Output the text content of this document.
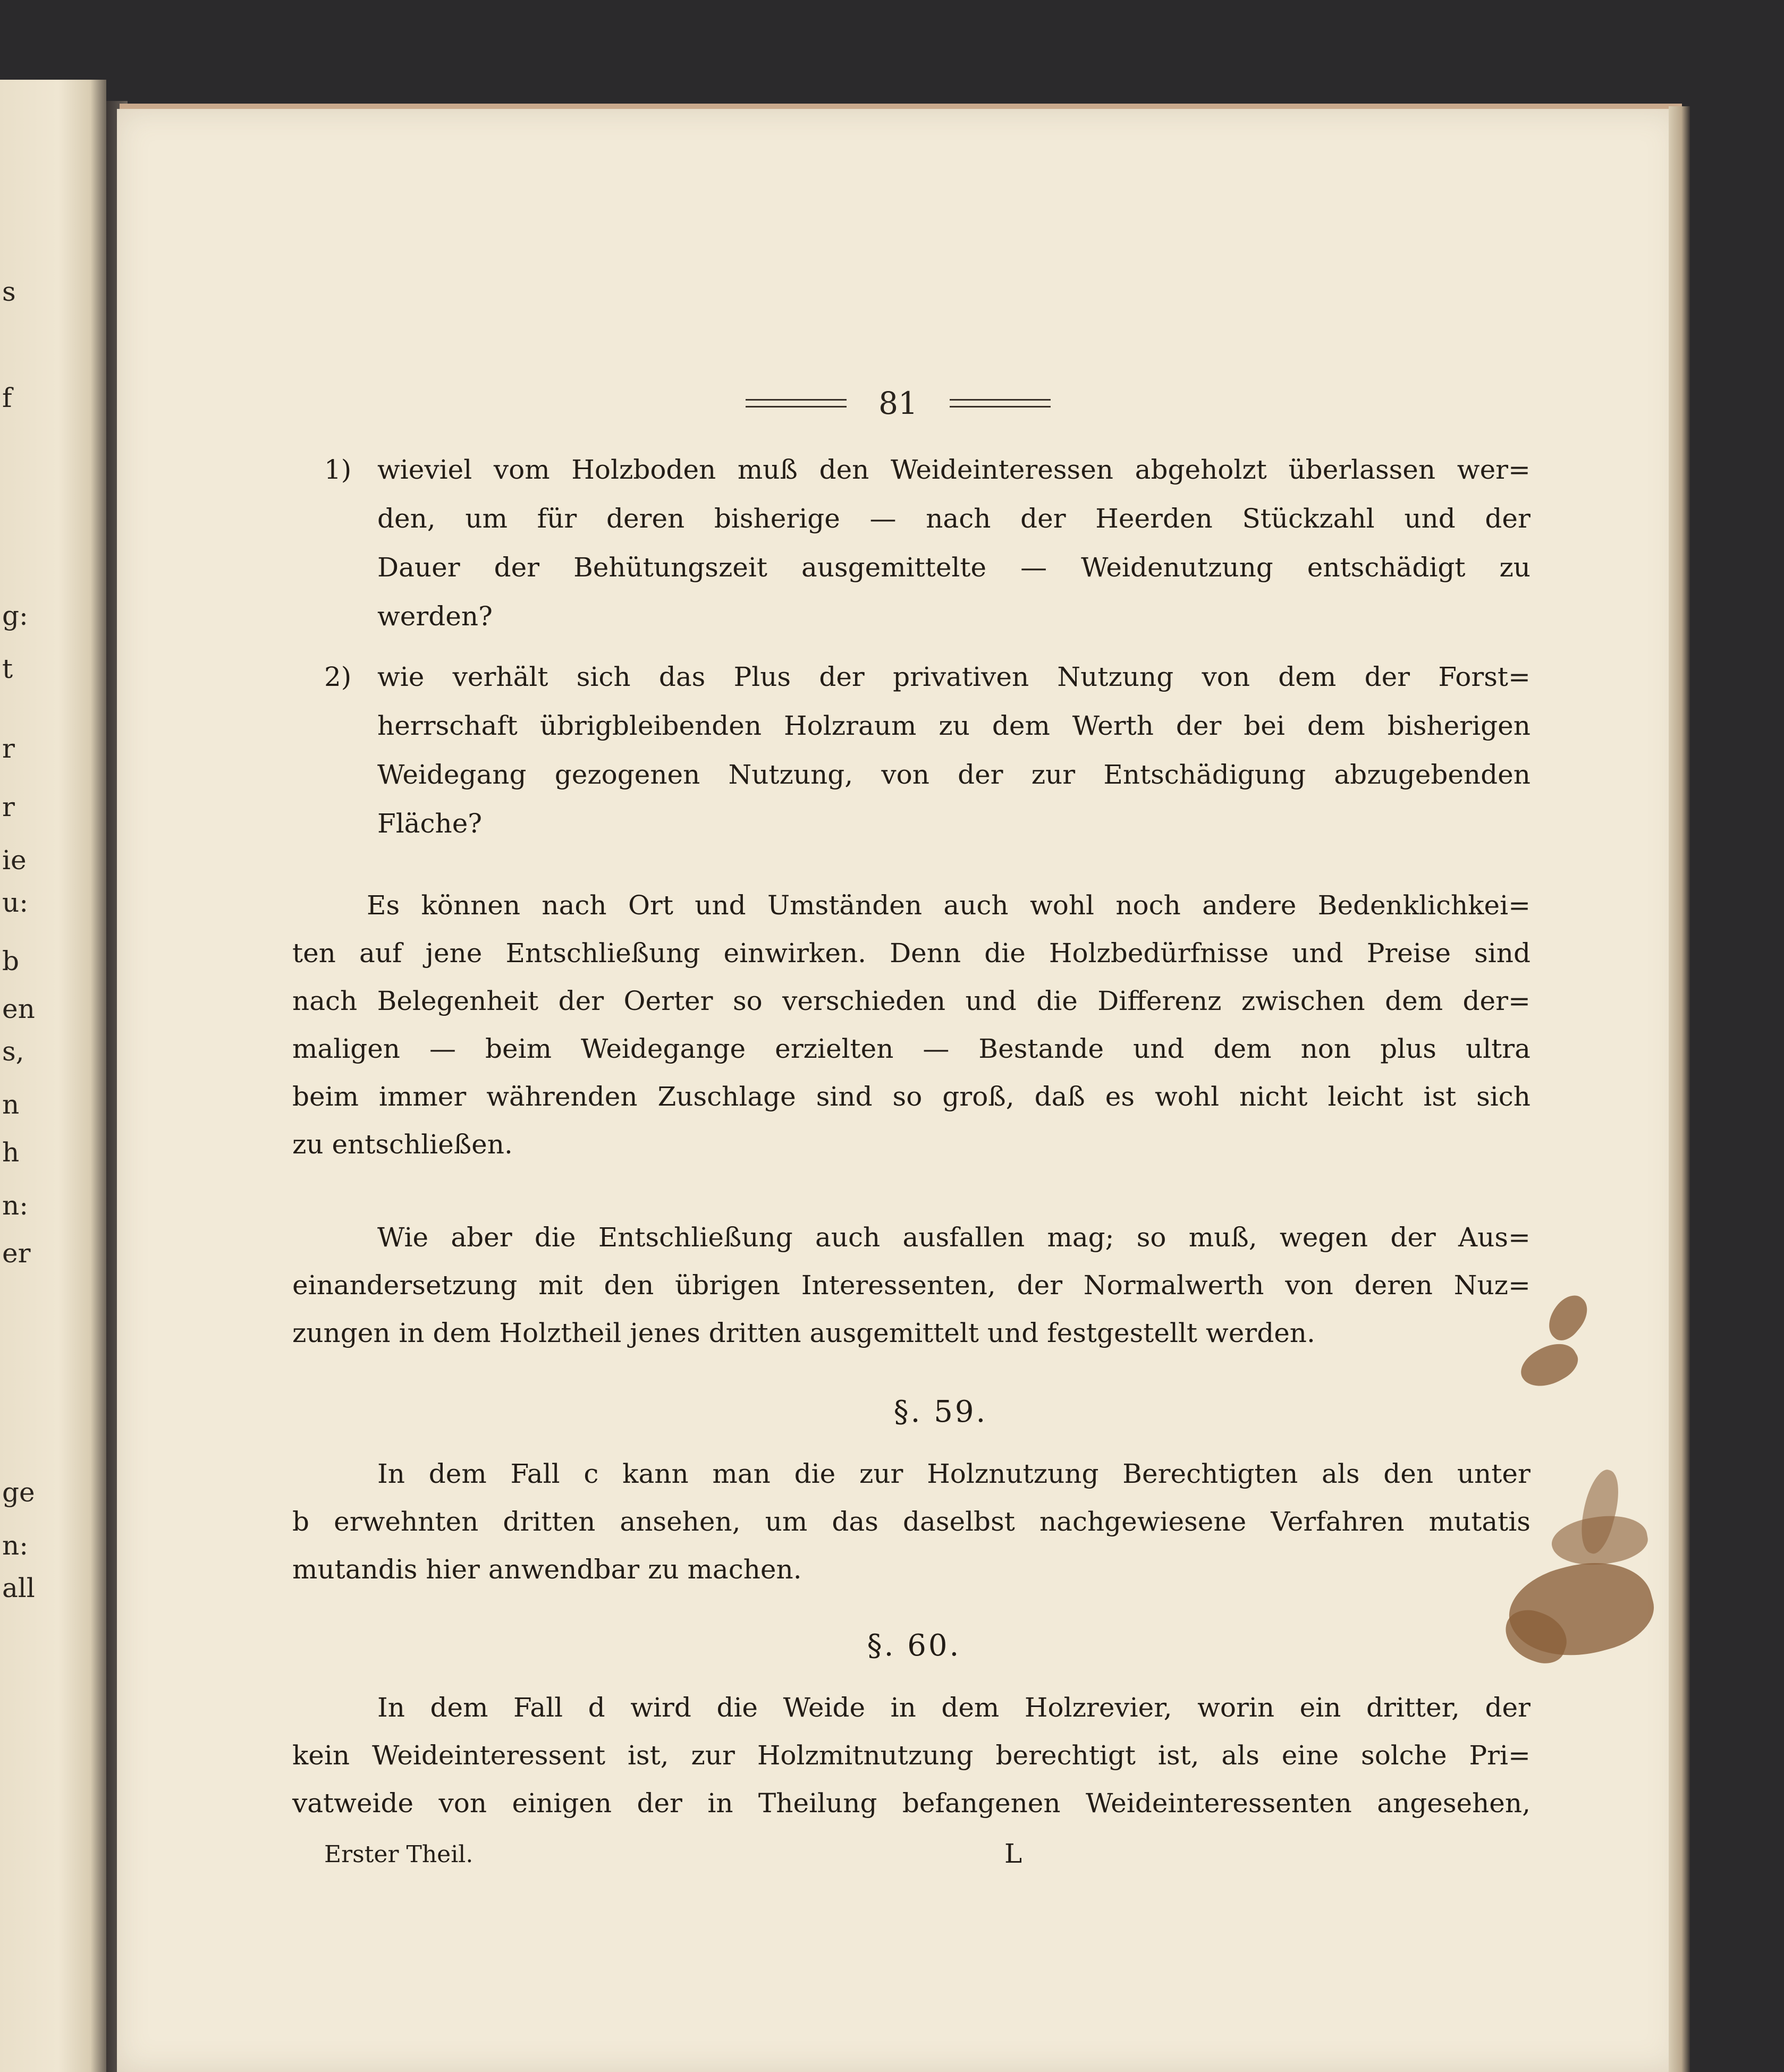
s
f
g:
t
r
r
ie
u:
b
en
s,
n
h
n:
er
ge
n:
all
81
1) wieviel vom Holzboden muß den Weideinteressen abgeholzt überlassen wer=
den, um für deren bisherige — nach der Heerden Stückzahl und der
Dauer der Behütungszeit ausgemittelte — Weidenutzung entschädigt zu
werden?
2) wie verhält sich das Plus der privativen Nutzung von dem der Forst=
herrschaft übrigbleibenden Holzraum zu dem Werth der bei dem bisherigen
Weidegang gezogenen Nutzung, von der zur Entschädigung abzugebenden
Fläche?
Es können nach Ort und Umständen auch wohl noch andere Bedenklichkei=
ten auf jene Entschließung einwirken. Denn die Holzbedürfnisse und Preise sind
nach Belegenheit der Oerter so verschieden und die Differenz zwischen dem der=
maligen — beim Weidegange erzielten — Bestande und dem non plus ultra
beim immer währenden Zuschlage sind so groß, daß es wohl nicht leicht ist sich
zu entschließen.
Wie aber die Entschließung auch ausfallen mag; so muß, wegen der Aus=
einandersetzung mit den übrigen Interessenten, der Normalwerth von deren Nuz=
zungen in dem Holztheil jenes dritten ausgemittelt und festgestellt werden.
§. 59.
In dem Fall c kann man die zur Holznutzung Berechtigten als den unter
b erwehnten dritten ansehen, um das daselbst nachgewiesene Verfahren mutatis
mutandis hier anwendbar zu machen.
§. 60.
In dem Fall d wird die Weide in dem Holzrevier, worin ein dritter, der
kein Weideinteressent ist, zur Holzmitnutzung berechtigt ist, als eine solche Pri=
vatweide von einigen der in Theilung befangenen Weideinteressenten angesehen,
Erster Theil.	L
